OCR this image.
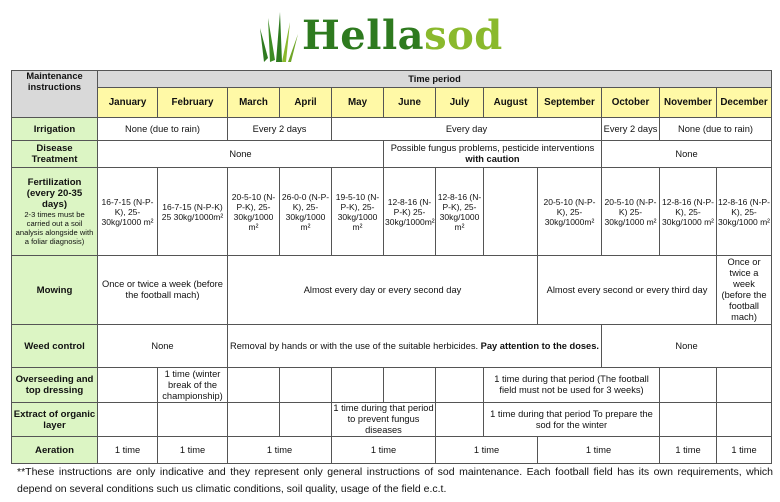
Hellasod
Maintenance instructions	Time period											
	January	February	March	April	May	June	July	August	September	October	November	December
Irrigation	None (due to rain)		Every 2 days		Every day					Every 2 days	None (due to rain)	
Disease Treatment	None					Possible fungus problems, pesticide interventions with caution				None		
Fertilization (every 20-35 days) 2-3 times must be carried out a soil analysis alongside with a foliar diagnosis)	16-7-15 (N-P-K), 25-30kg/1000 m²	16-7-15 (N-P-K) 25 30kg/1000m²	20-5-10 (N-P-K), 25-30kg/1000 m²	26-0-0 (N-P-K), 25-30kg/1000 m²	19-5-10 (N-P-K), 25-30kg/1000 m²	12-8-16 (N-P-K) 25-30kg/1000m²	12-8-16 (N-P-K), 25-30kg/1000 m²		20-5-10 (N-P-K), 25-30kg/1000m²	20-5-10 (N-P-K) 25-30kg/1000 m²	12-8-16 (N-P-K), 25-30kg/1000 m²	12-8-16 (N-P-K), 25-30kg/1000 m²
Mowing	Once or twice a week (before the football mach)		Almost every day or every second day						Almost every second or every third day			Once or twice a week (before the football mach)
Weed control	None		Removal by hands or with the use of the suitable herbicides. Pay attention to the doses.							None		
Overseeding and top dressing		1 time (winter break of the championship)						1 time during that period (The football field must not be used for 3 weeks)				
Extract of organic layer					1 time during that period to prevent fungus diseases			1 time during that period To prepare the sod for the winter				
Aeration	1 time	1 time	1 time		1 time		1 time		1 time		1 time	1 time
**These instructions are only indicative and they represent only general instructions of sod maintenance. Each football field has its own requirements, which depend on several conditions such us climatic conditions, soil quality, usage of the field e.c.t.
